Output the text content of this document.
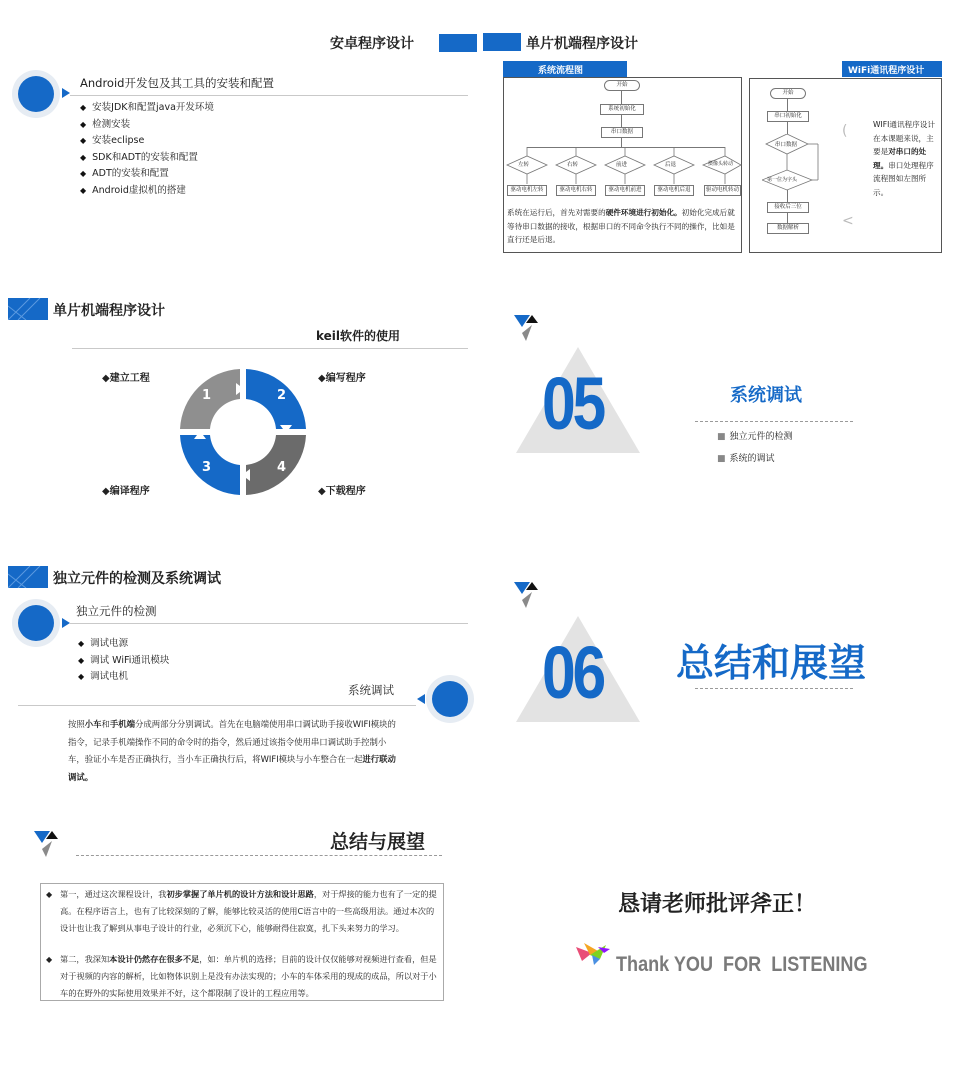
安卓程序设计
Android开发包及其工具的安装和配置
◆ 安装JDK和配置java开发环境
◆ 检测安装
◆ 安装eclipse
◆ SDK和ADT的安装和配置
◆ ADT的安装和配置
◆ Android虚拟机的搭建
单片机端程序设计
系统流程图
开始
系统初始化
串口数据
左转	右转	前进	后退	摄像头转动
驱动电机左转	驱动电机右转	驱动电机前进	驱动电机后退	驱动电机转动
系统在运行后，首先对需要的硬件环境进行初始化。初始化完成后就等待串口数据的接收，根据串口的不同命令执行不同的操作，比如是直行还是后退。
WiFi通讯程序设计
开始
串口初始化
串口数据
第一位为字头
接收后三位
数据解析
(
<
WIFI通讯程序设计在本课题来说，主要是对串口的处理。串口处理程序流程图如左图所示。
单片机端程序设计
keil软件的使用
1	2
3	4
◆建立工程	◆编写程序
◆编译程序	◆下载程序
05	系统调试
■ 独立元件的检测
■ 系统的调试
独立元件的检测及系统调试
独立元件的检测
◆ 调试电源
◆ 调试 WiFi通讯模块
◆ 调试电机
系统调试
按照小车和手机端分成两部分分别调试。首先在电脑端使用串口调试助手接收WIFI模块的指令，记录手机端操作不同的命令时的指令，然后通过该指令使用串口调试助手控制小车，验证小车是否正确执行，当小车正确执行后，将WIFI模块与小车整合在一起进行联动调试。
06 总结和展望
总结与展望
◆ 第一，通过这次课程设计，我初步掌握了单片机的设计方法和设计思路，对于焊接的能力也有了一定的提高。在程序语言上，也有了比较深刻的了解，能够比较灵活的使用C语言中的一些高级用法。通过本次的设计也让我了解到从事电子设计的行业，必须沉下心，能够耐得住寂寞，扎下头来努力的学习。
◆ 第二，我深知本设计仍然存在很多不足，如：单片机的选择；目前的设计仅仅能够对视频进行查看，但是对于视频的内容的解析，比如物体识别上是没有办法实现的；小车的车体采用的现成的成品，所以对于小车的在野外的实际使用效果并不好，这个都限制了设计的工程应用等。
恳请老师批评斧正！
Thank YOU  FOR  LISTENING
